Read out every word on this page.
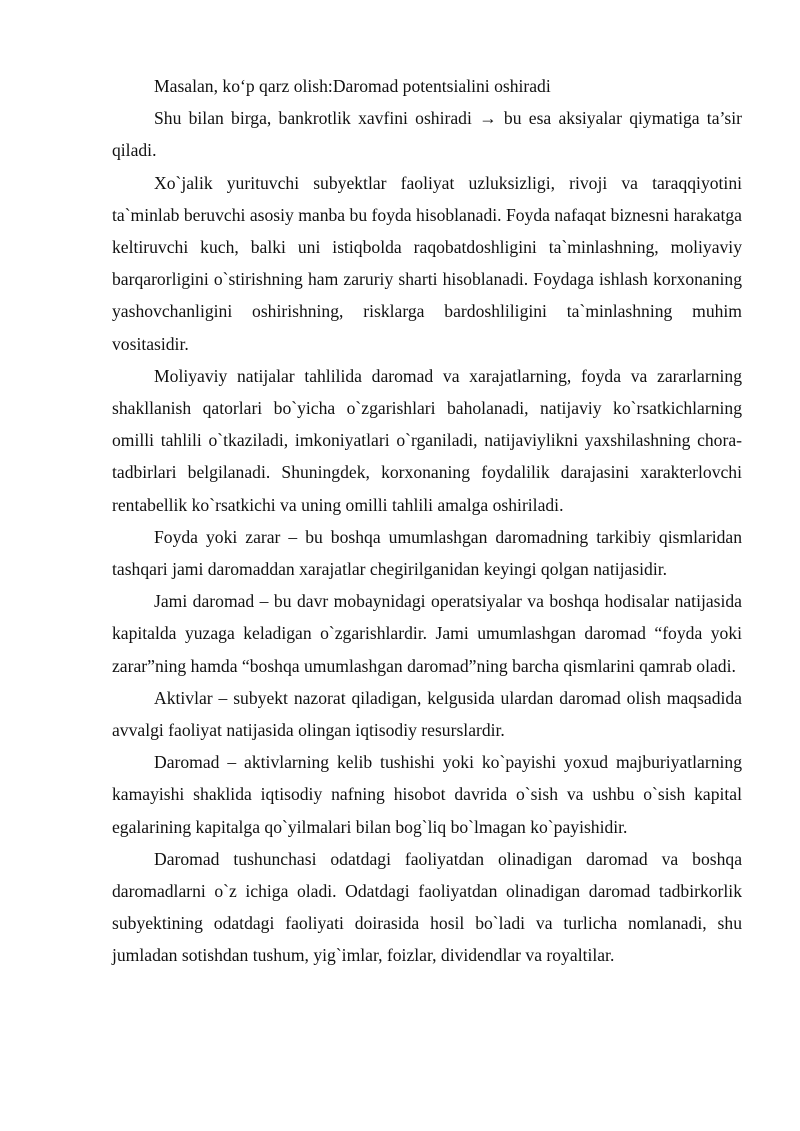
Masalan, ko‘p qarz olish:Daromad potentsialini oshiradi

Shu bilan birga, bankrotlik xavfini oshiradi → bu esa aksiyalar qiymatiga ta’sir qiladi.

Xo`jalik yurituvchi subyektlar faoliyat uzluksizligi, rivoji va taraqqiyotini ta`minlab beruvchi asosiy manba bu foyda hisoblanadi. Foyda nafaqat biznesni harakatga keltiruvchi kuch, balki uni istiqbolda raqobatdoshligini ta`minlashning, moliyaviy barqarorligini o`stirishning ham zaruriy sharti hisoblanadi. Foydaga ishlash korxonaning yashovchanligini oshirishning, risklarga bardoshliligini ta`minlashning muhim vositasidir.

Moliyaviy natijalar tahlilida daromad va xarajatlarning, foyda va zararlarning shakllanish qatorlari bo`yicha o`zgarishlari baholanadi, natijaviy ko`rsatkichlarning omilli tahlili o`tkaziladi, imkoniyatlari o`rganiladi, natijaviylikni yaxshilashning chora-tadbirlari belgilanadi. Shuningdek, korxonaning foydalilik darajasini xarakterlovchi rentabellik ko`rsatkichi va uning omilli tahlili amalga oshiriladi.

Foyda yoki zarar – bu boshqa umumlashgan daromadning tarkibiy qismlaridan tashqari jami daromaddan xarajatlar chegirilganidan keyingi qolgan natijasidir.

Jami daromad – bu davr mobaynidagi operatsiyalar va boshqa hodisalar natijasida kapitalda yuzaga keladigan o`zgarishlardir. Jami umumlashgan daromad “foyda yoki zarar”ning hamda “boshqa umumlashgan daromad”ning barcha qismlarini qamrab oladi.

Aktivlar – subyekt nazorat qiladigan, kelgusida ulardan daromad olish maqsadida avvalgi faoliyat natijasida olingan iqtisodiy resurslardir.

Daromad – aktivlarning kelib tushishi yoki ko`payishi yoxud majburiyatlarning kamayishi shaklida iqtisodiy nafning hisobot davrida o`sish va ushbu o`sish kapital egalarining kapitalga qo`yilmalari bilan bog`liq bo`lmagan ko`payishidir.

Daromad tushunchasi odatdagi faoliyatdan olinadigan daromad va boshqa daromadlarni o`z ichiga oladi. Odatdagi faoliyatdan olinadigan daromad tadbirkorlik subyektining odatdagi faoliyati doirasida hosil bo`ladi va turlicha nomlanadi, shu jumladan sotishdan tushum, yig`imlar, foizlar, dividendlar va royaltilar.
